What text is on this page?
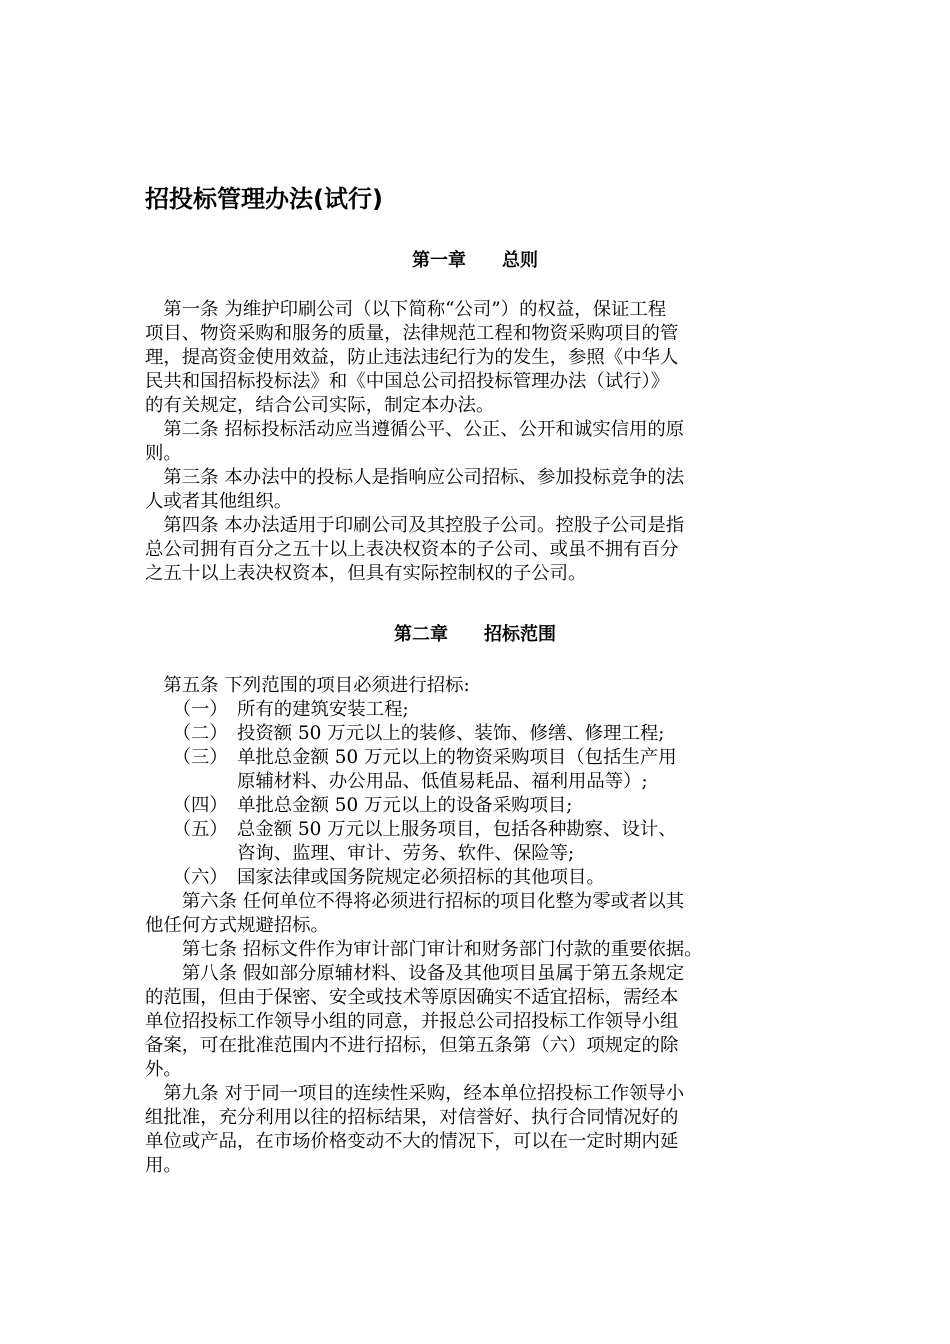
招投标管理办法(试行)
第一章　　总则
　第一条 为维护印刷公司（以下简称“公司”）的权益，保证工程
项目、物资采购和服务的质量，法律规范工程和物资采购项目的管
理，提高资金使用效益，防止违法违纪行为的发生，参照《中华人
民共和国招标投标法》和《中国总公司招投标管理办法（试行）》
的有关规定，结合公司实际，制定本办法。
　第二条 招标投标活动应当遵循公平、公正、公开和诚实信用的原
则。
　第三条 本办法中的投标人是指响应公司招标、参加投标竞争的法
人或者其他组织。
　第四条 本办法适用于印刷公司及其控股子公司。控股子公司是指
总公司拥有百分之五十以上表决权资本的子公司、或虽不拥有百分
之五十以上表决权资本，但具有实际控制权的子公司。
第二章　　招标范围
　第五条 下列范围的项目必须进行招标:
　　（一）　所有的建筑安装工程;
　　（二）　投资额 50 万元以上的装修、装饰、修缮、修理工程;
　　（三）　单批总金额 50 万元以上的物资采购项目（包括生产用
　　　　　原辅材料、办公用品、低值易耗品、福利用品等）;
　　（四）　单批总金额 50 万元以上的设备采购项目;
　　（五）　总金额 50 万元以上服务项目，包括各种勘察、设计、
　　　　　咨询、监理、审计、劳务、软件、保险等;
　　（六）　国家法律或国务院规定必须招标的其他项目。
　　第六条 任何单位不得将必须进行招标的项目化整为零或者以其
他任何方式规避招标。
　　第七条 招标文件作为审计部门审计和财务部门付款的重要依据。
　　第八条 假如部分原辅材料、设备及其他项目虽属于第五条规定
的范围，但由于保密、安全或技术等原因确实不适宜招标，需经本
单位招投标工作领导小组的同意，并报总公司招投标工作领导小组
备案，可在批准范围内不进行招标，但第五条第（六）项规定的除
外。
　第九条 对于同一项目的连续性采购，经本单位招投标工作领导小
组批准，充分利用以往的招标结果，对信誉好、执行合同情况好的
单位或产品，在市场价格变动不大的情况下，可以在一定时期内延
用。
